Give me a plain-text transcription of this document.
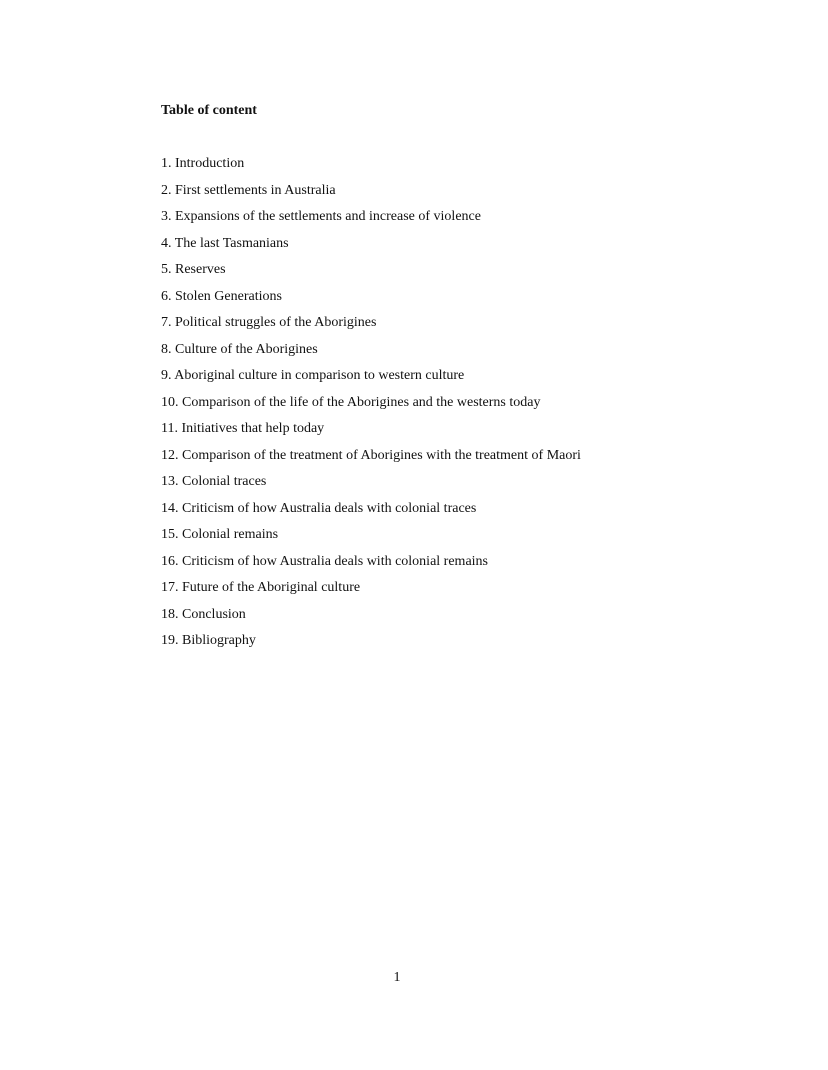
Table of content
1. Introduction
2. First settlements in Australia
3. Expansions of the settlements and increase of violence
4. The last Tasmanians
5. Reserves
6. Stolen Generations
7. Political struggles of the Aborigines
8. Culture of the Aborigines
9. Aboriginal culture in comparison to western culture
10. Comparison of the life of the Aborigines and the westerns today
11. Initiatives that help today
12. Comparison of the treatment of Aborigines with the treatment of Maori
13. Colonial traces
14. Criticism of how Australia deals with colonial traces
15. Colonial remains
16. Criticism of how Australia deals with colonial remains
17. Future of the Aboriginal culture
18. Conclusion
19. Bibliography
1
